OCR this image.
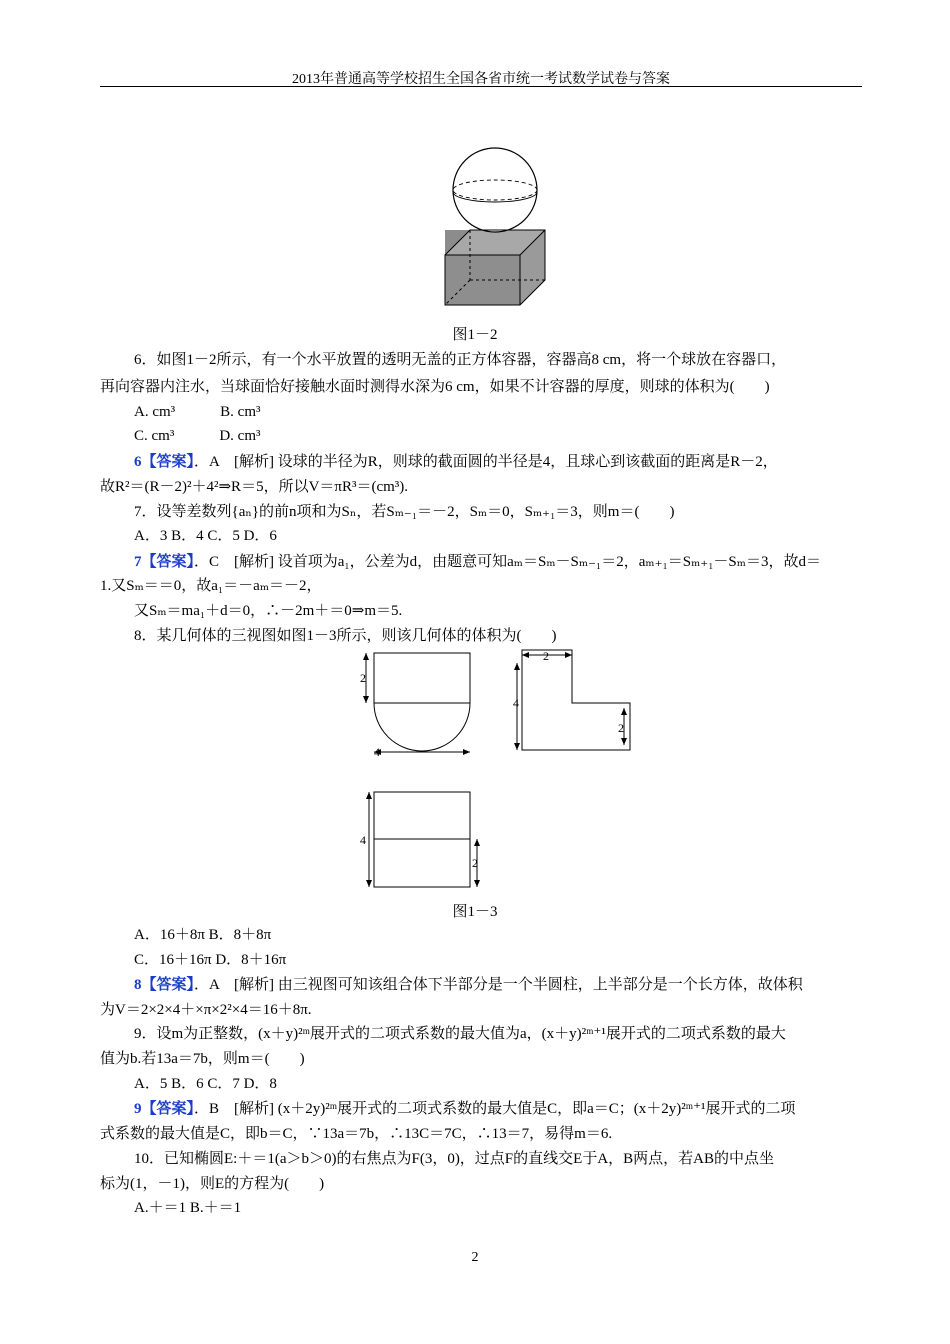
2013年普通高等学校招生全国各省市统一考试数学试卷与答案
图1－2
6．如图1－2所示，有一个水平放置的透明无盖的正方体容器，容器高8 cm，将一个球放在容器口，
再向容器内注水，当球面恰好接触水面时测得水深为6 cm，如果不计容器的厚度，则球的体积为(　　)
A. cm³　　　B. cm³
C. cm³　　　D. cm³
6【答案】．A　[解析] 设球的半径为R，则球的截面圆的半径是4，且球心到该截面的距离是R－2，
故R²＝(R－2)²＋4²⇒R＝5，所以V＝πR³＝(cm³).
7．设等差数列{aₙ}的前n项和为Sₙ，若Sₘ₋₁＝－2，Sₘ＝0，Sₘ₊₁＝3，则m＝(　　)
A．3 B．4 C．5 D．6
7【答案】．C　[解析] 设首项为a₁，公差为d，由题意可知aₘ＝Sₘ－Sₘ₋₁＝2，aₘ₊₁＝Sₘ₊₁－Sₘ＝3，故d＝
1.又Sₘ＝＝0，故a₁＝－aₘ＝－2，
又Sₘ＝ma₁＋d＝0，∴－2m＋＝0⇒m＝5.
8．某几何体的三视图如图1－3所示，则该几何体的体积为(　　)
2
2
4
2
4
2
图1－3
A．16＋8π B．8＋8π
C．16＋16π D．8＋16π
8【答案】．A　[解析] 由三视图可知该组合体下半部分是一个半圆柱，上半部分是一个长方体，故体积
为V＝2×2×4＋×π×2²×4＝16＋8π.
9．设m为正整数，(x＋y)²ᵐ展开式的二项式系数的最大值为a，(x＋y)²ᵐ⁺¹展开式的二项式系数的最大
值为b.若13a＝7b，则m＝(　　)
A．5 B．6 C．7 D．8
9【答案】．B　[解析] (x＋2y)²ᵐ展开式的二项式系数的最大值是C，即a＝C；(x＋2y)²ᵐ⁺¹展开式的二项
式系数的最大值是C，即b＝C，∵13a＝7b，∴13C＝7C，∴13＝7，易得m＝6.
10．已知椭圆E:＋＝1(a＞b＞0)的右焦点为F(3，0)，过点F的直线交E于A，B两点，若AB的中点坐
标为(1，－1)，则E的方程为(　　)
A.＋＝1 B.＋＝1
2
